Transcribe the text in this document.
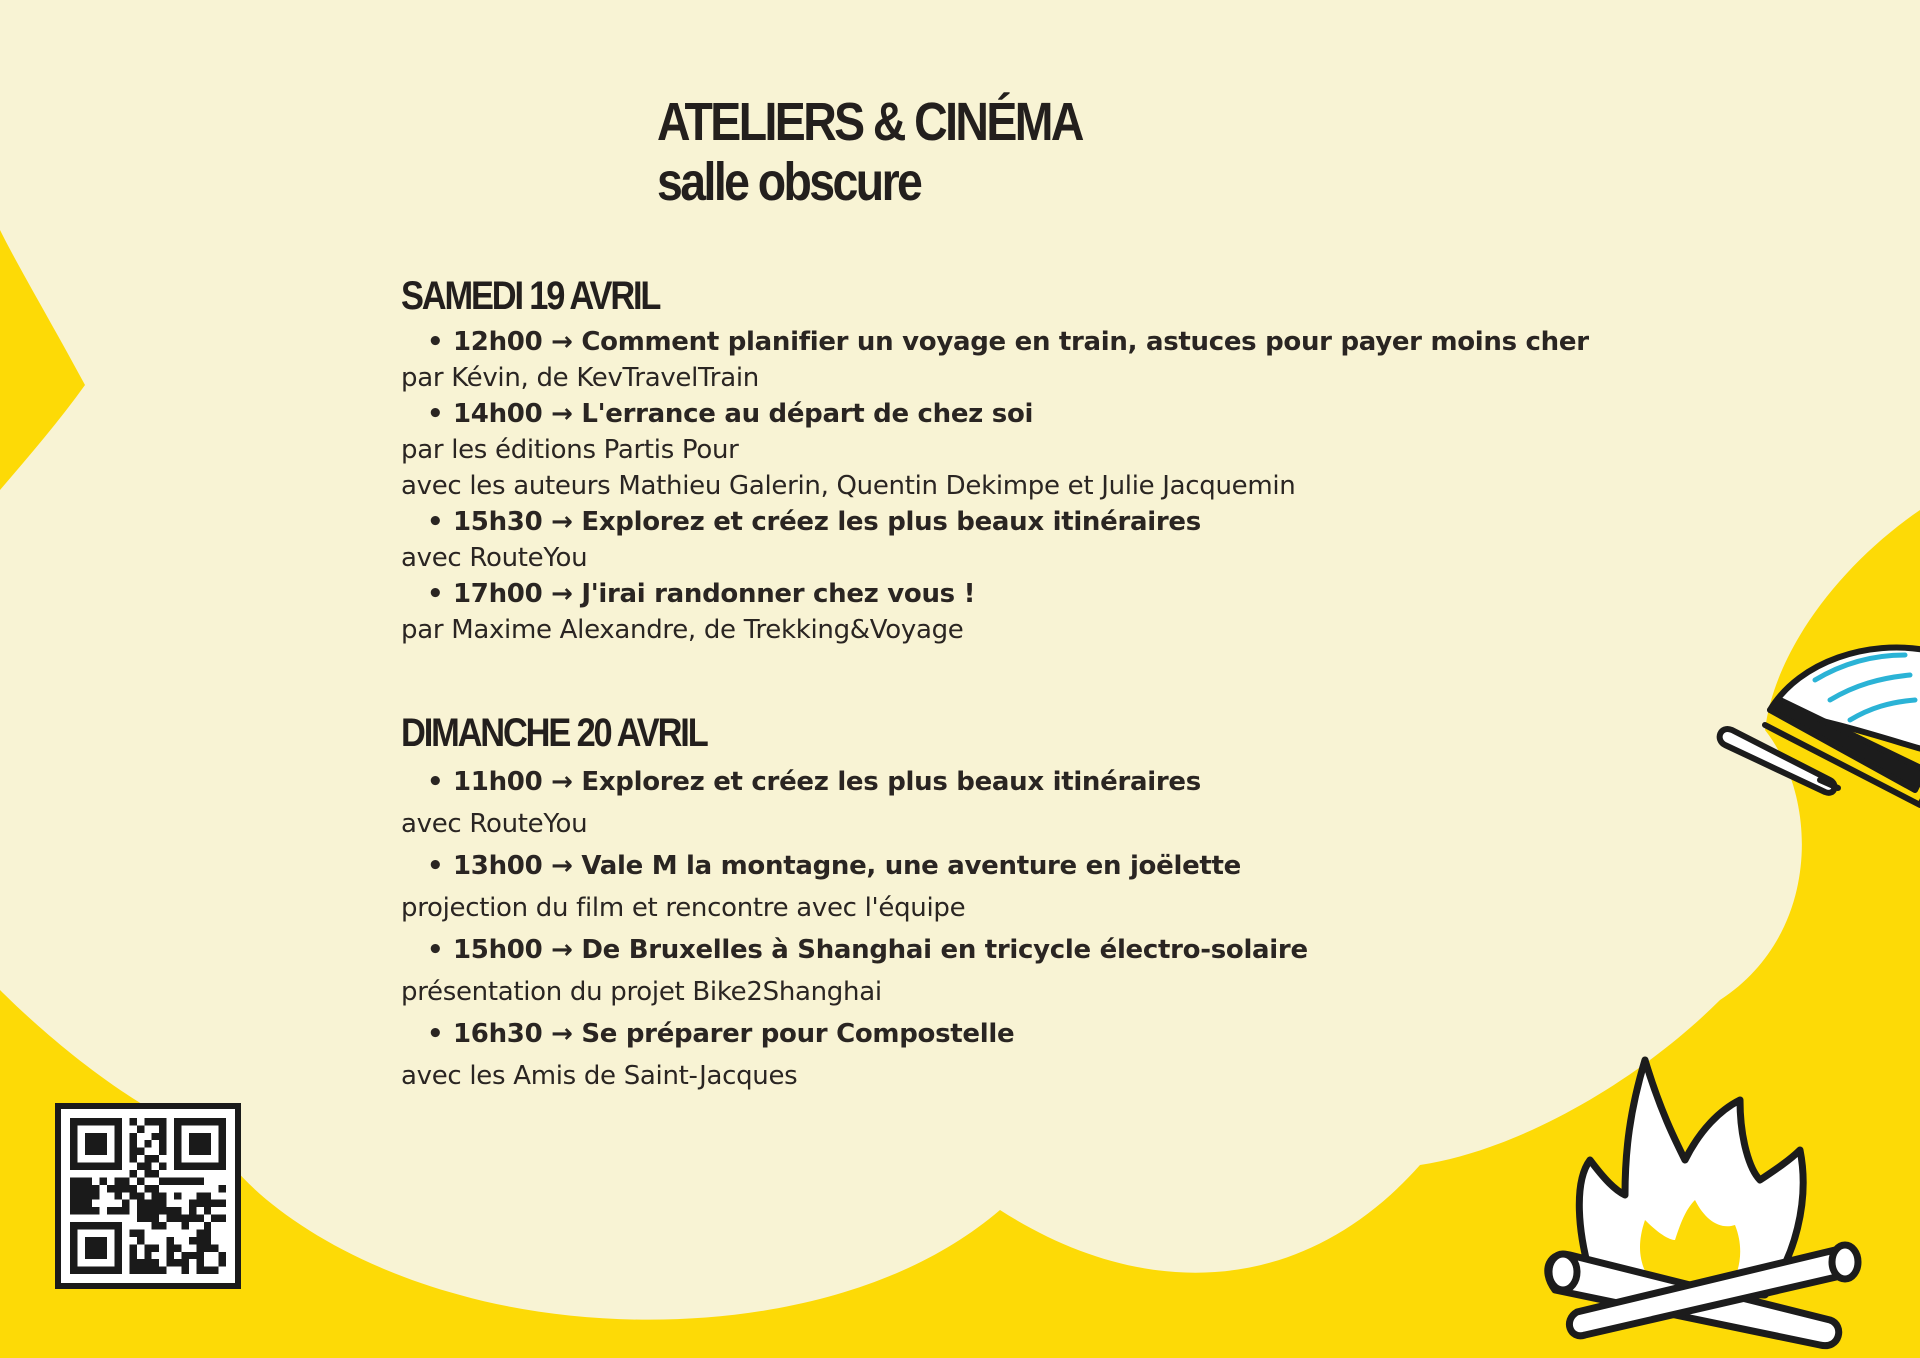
ATELIERS & CINÉMA
salle obscure
SAMEDI 19 AVRIL

• 12h00 → Comment planifier un voyage en train, astuces pour payer moins cher

par Kévin, de KevTravelTrain

• 14h00 → L'errance au départ de chez soi

par les éditions Partis Pour

avec les auteurs Mathieu Galerin, Quentin Dekimpe et Julie Jacquemin

• 15h30 → Explorez et créez les plus beaux itinéraires

avec RouteYou

• 17h00 → J'irai randonner chez vous !

par Maxime Alexandre, de Trekking&Voyage

DIMANCHE 20 AVRIL

• 11h00 → Explorez et créez les plus beaux itinéraires

avec RouteYou

• 13h00 → Vale M la montagne, une aventure en joëlette

projection du film et rencontre avec l'équipe

• 15h00 → De Bruxelles à Shanghai en tricycle électro-solaire

présentation du projet Bike2Shanghai

• 16h30 → Se préparer pour Compostelle

avec les Amis de Saint-Jacques
